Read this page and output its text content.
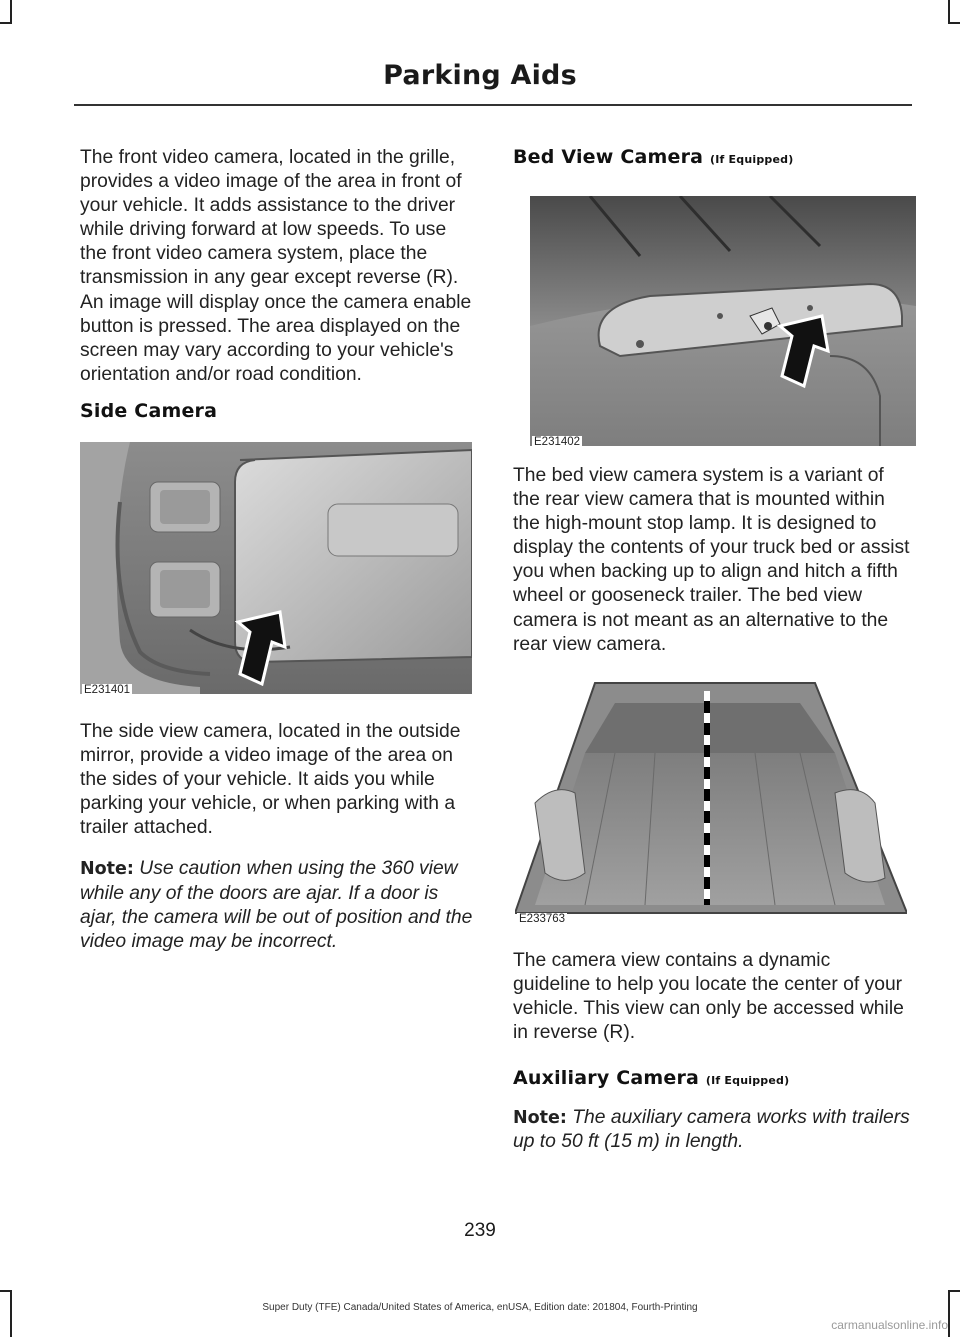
Parking Aids

The front video camera, located in the grille, provides a video image of the area in front of your vehicle. It adds assistance to the driver while driving forward at low speeds. To use the front video camera system, place the transmission in any gear except reverse (R). An image will display once the camera enable button is pressed. The area displayed on the screen may vary according to your vehicle's orientation and/or road condition.

Side Camera
E231401

The side view camera, located in the outside mirror, provide a video image of the area on the sides of your vehicle. It aids you while parking your vehicle, or when parking with a trailer attached.

Note: Use caution when using the 360 view while any of the doors are ajar. If a door is ajar, the camera will be out of position and the video image may be incorrect.

Bed View Camera (If Equipped)
E231402

The bed view camera system is a variant of the rear view camera that is mounted within the high-mount stop lamp. It is designed to display the contents of your truck bed or assist you when backing up to align and hitch a fifth wheel or gooseneck trailer. The bed view camera is not meant as an alternative to the rear view camera.

E233763

The camera view contains a dynamic guideline to help you locate the center of your vehicle. This view can only be accessed while in reverse (R).

Auxiliary Camera (If Equipped)

Note: The auxiliary camera works with trailers up to 50 ft (15 m) in length.

239
Super Duty (TFE) Canada/United States of America, enUSA, Edition date: 201804, Fourth-Printing
carmanualsonline.info
